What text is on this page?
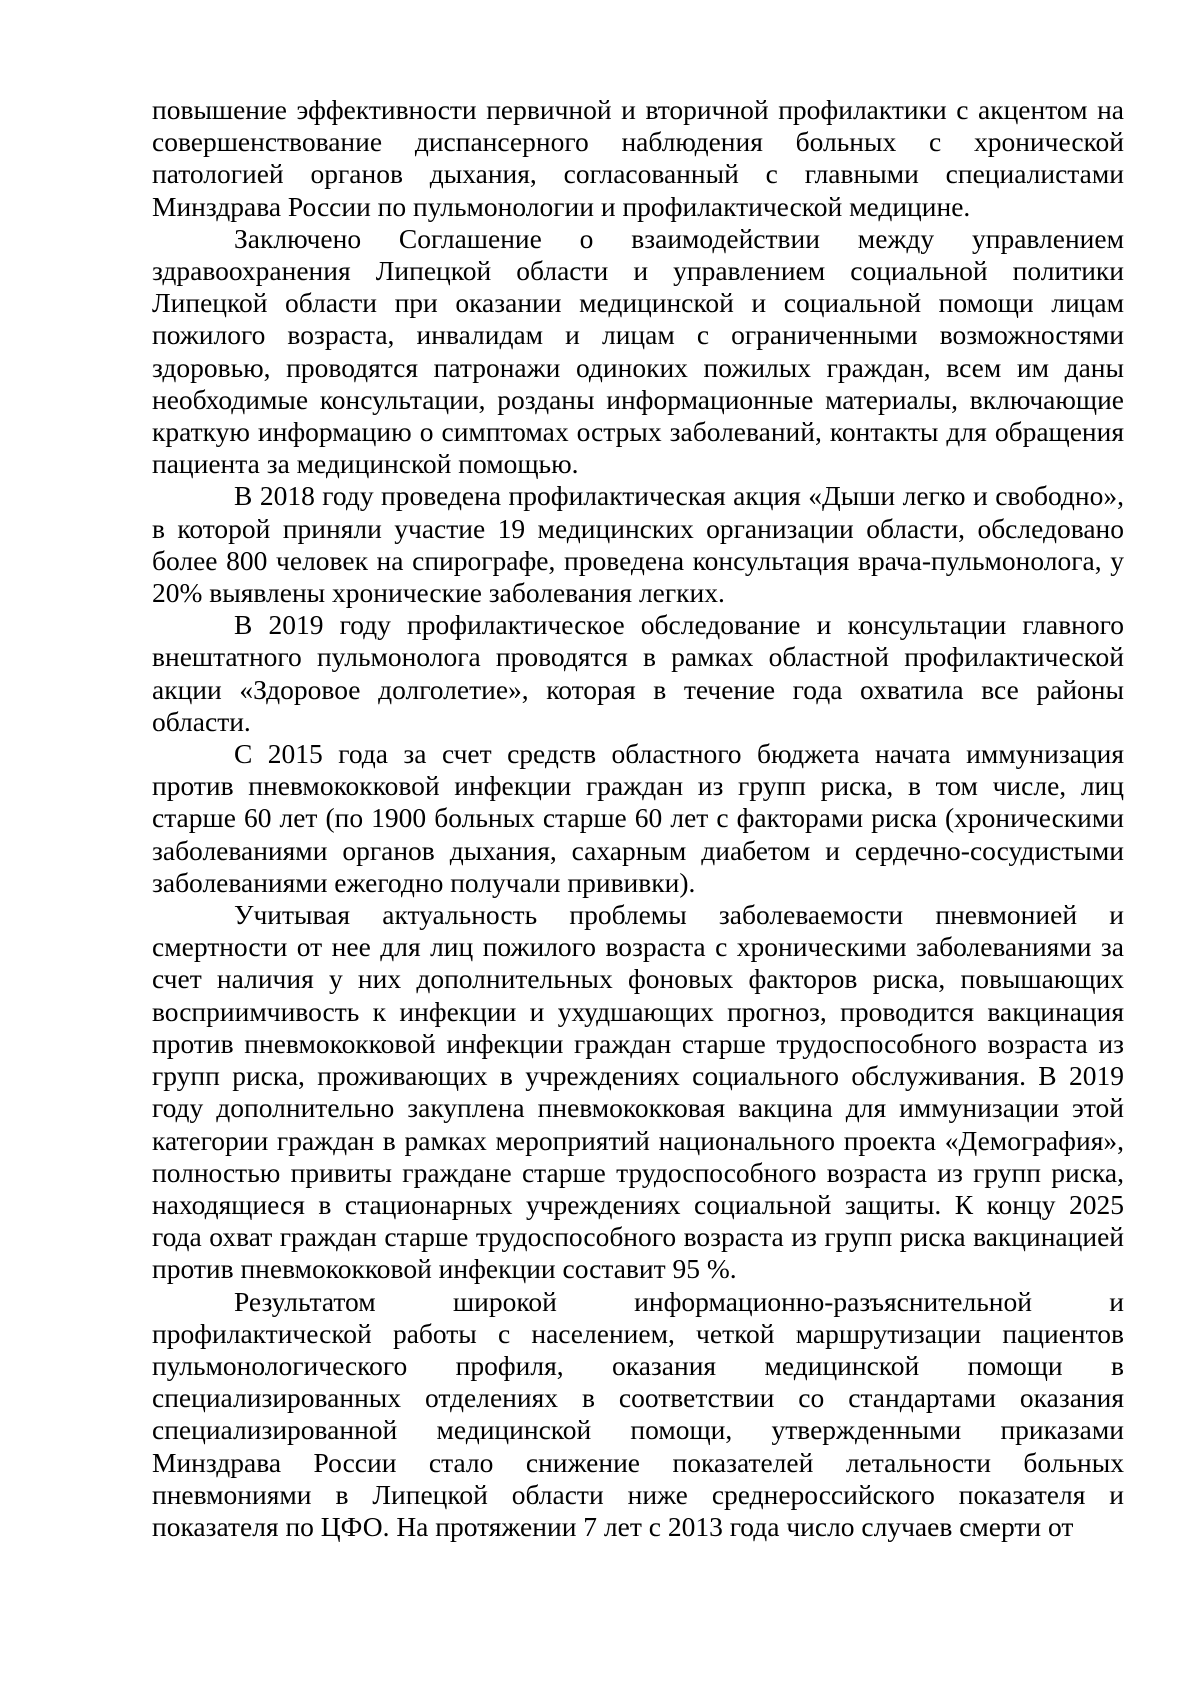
повышение эффективности первичной и вторичной профилактики с акцентом на совершенствование диспансерного наблюдения больных с хронической патологией органов дыхания, согласованный с главными специалистами Минздрава России по пульмонологии и профилактической медицине.

Заключено Соглашение о взаимодействии между управлением здравоохранения Липецкой области и управлением социальной политики Липецкой области при оказании медицинской и социальной помощи лицам пожилого возраста, инвалидам и лицам с ограниченными возможностями здоровью, проводятся патронажи одиноких пожилых граждан, всем им даны необходимые консультации, розданы информационные материалы, включающие краткую информацию о симптомах острых заболеваний, контакты для обращения пациента за медицинской помощью.

В 2018 году проведена профилактическая акция «Дыши легко и свободно», в которой приняли участие 19 медицинских организации области, обследовано более 800 человек на спирографе, проведена консультация врача-пульмонолога, у 20% выявлены хронические заболевания легких.

В 2019 году профилактическое обследование и консультации главного внештатного пульмонолога проводятся в рамках областной профилактической акции «Здоровое долголетие», которая в течение года охватила все районы области.

С 2015 года за счет средств областного бюджета начата иммунизация против пневмококковой инфекции граждан из групп риска, в том числе, лиц старше 60 лет (по 1900 больных старше 60 лет с факторами риска (хроническими заболеваниями органов дыхания, сахарным диабетом и сердечно-сосудистыми заболеваниями ежегодно получали прививки).

Учитывая актуальность проблемы заболеваемости пневмонией и смертности от нее для лиц пожилого возраста с хроническими заболеваниями за счет наличия у них дополнительных фоновых факторов риска, повышающих восприимчивость к инфекции и ухудшающих прогноз, проводится вакцинация против пневмококковой инфекции граждан старше трудоспособного возраста из групп риска, проживающих в учреждениях социального обслуживания. В 2019 году дополнительно закуплена пневмококковая вакцина для иммунизации этой категории граждан в рамках мероприятий национального проекта «Демография», полностью привиты граждане старше трудоспособного возраста из групп риска, находящиеся в стационарных учреждениях социальной защиты. К концу 2025 года охват граждан старше трудоспособного возраста из групп риска вакцинацией против пневмококковой инфекции составит 95 %.

Результатом широкой информационно-разъяснительной и профилактической работы с населением, четкой маршрутизации пациентов пульмонологического профиля, оказания медицинской помощи в специализированных отделениях в соответствии со стандартами оказания специализированной медицинской помощи, утвержденными приказами Минздрава России стало снижение показателей летальности больных пневмониями в Липецкой области ниже среднероссийского показателя и показателя по ЦФО. На протяжении 7 лет с 2013 года число случаев смерти от
